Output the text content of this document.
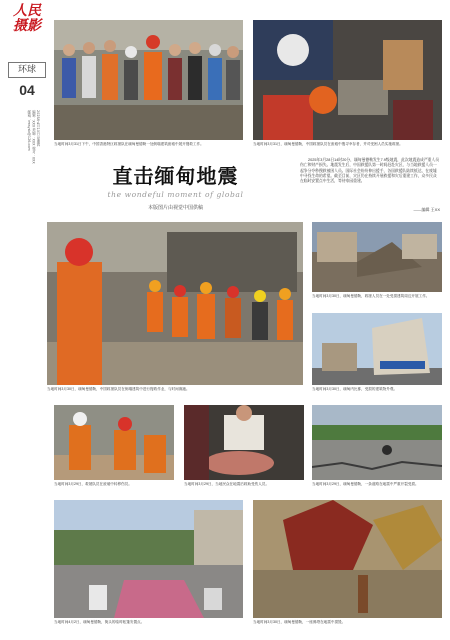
人民
摄影
环球
04
2025年4月10日 星期四
编辑：XXX 美编：XXX 校对：XXX
邮箱：rmsysb@126.com	当地时间3月31日下午，中国香港特区救援队在缅甸曼德勒一处倒塌建筑废墟中展开搜救工作。	当地时间3月31日，缅甸曼德勒，中国救援队员在废墟中搜寻幸存者，并对受困人员实施救援。
直击缅甸地震
the wondeful moment of global
本版图片由视觉中国供稿
2025年3月28日14时20分，缅甸曼德勒发生7.9级地震，此次地震造成严重人员伤亡和财产损失。地震发生后，中国救援队第一时间赶赴灾区，与当地救援人员一起争分夺秒搜救被困人员。国际社会纷纷伸出援手，各国救援队陆续抵达，在废墟中寻找生命的希望。截至目前，灾区仍在持续开展救援和灾后重建工作，众多民众在临时安置点中生活，等待家园重建。
——编辑 王XX
当地时间3月30日，缅甸曼德勒，中国救援队员在倒塌建筑中进行搜救作业，与时间赛跑。
当地时间3月30日，缅甸曼德勒，救援人员在一处受损建筑周边开展工作。
当地时间3月30日，缅甸内比都，受损的建筑物外观。
当地时间3月29日，救援队员在废墟中转移伤员。	当地时间3月29日，当地民众在地震后救助受伤人员。	当地时间3月29日，缅甸曼德勒，一条道路在地震中严重开裂受损。
当地时间4月2日，缅甸曼德勒，街头的临时帐篷安置点。	当地时间3月30日，缅甸曼德勒，一座佛塔在地震中损毁。
